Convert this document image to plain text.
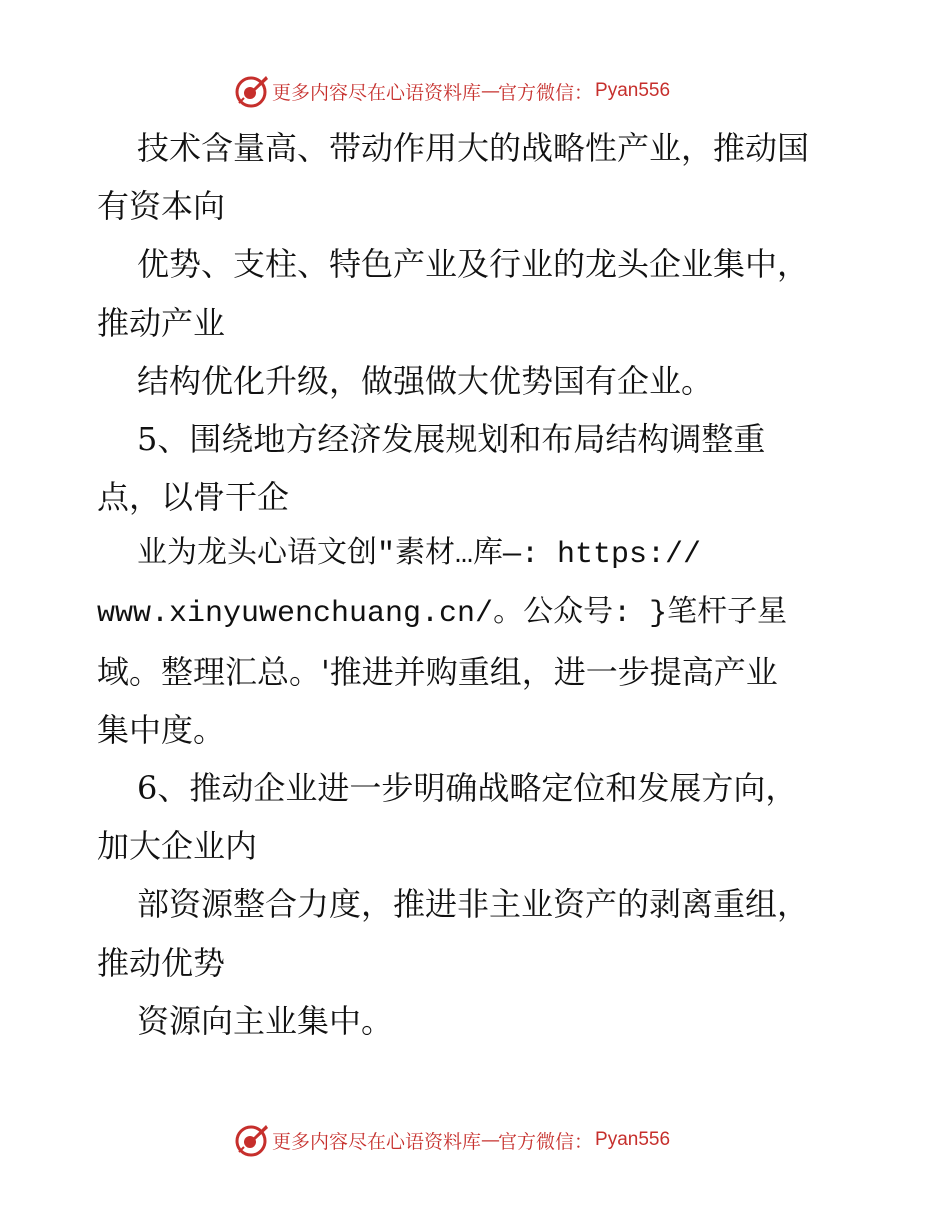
更多内容尽在心语资料库 — 官方微信： Pyan556
技术含量高、带动作用大的战略性产业，推动国
有资本向
优势、支柱、特色产业及行业的龙头企业集中，
推动产业
结构优化升级，做强做大优势国有企业。
5、围绕地方经济发展规划和布局结构调整重
点，以骨干企
业为龙头心语文创"素材…库—: https://
www.xinyuwenchuang.cn/。公众号: }笔杆子星
域。整理汇总。'推进并购重组，进一步提高产业
集中度。
6、推动企业进一步明确战略定位和发展方向，
加大企业内
部资源整合力度，推进非主业资产的剥离重组，
推动优势
资源向主业集中。
更多内容尽在心语资料库 — 官方微信： Pyan556
